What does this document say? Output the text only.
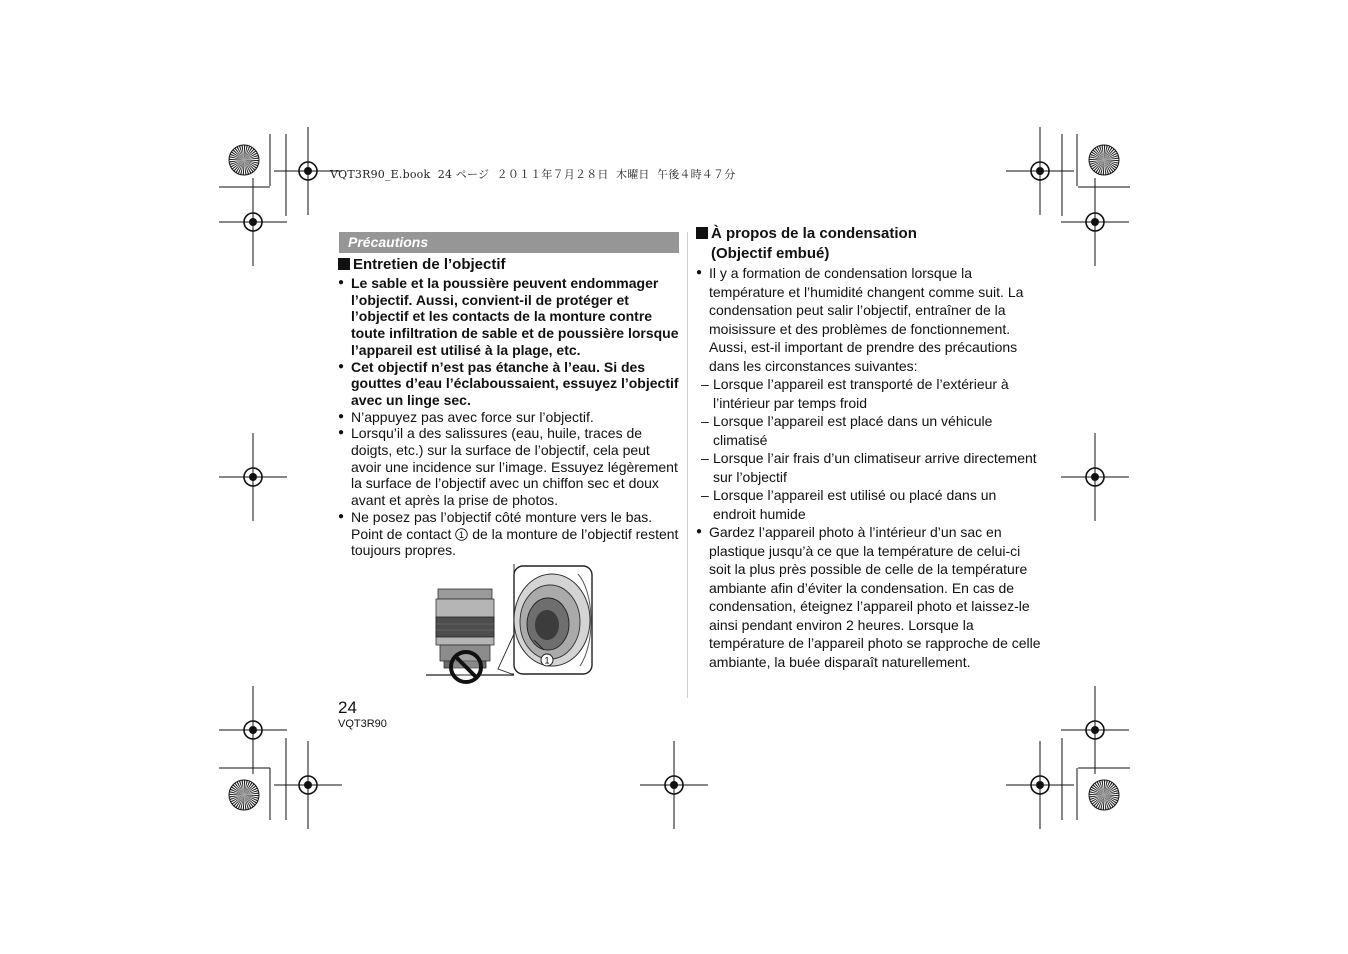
VQT3R90_E.book  24 ページ  ２０１１年７月２８日  木曜日  午後４時４７分
Précautions
Entretien de l’objectif
● Le sable et la poussière peuvent endommager l’objectif. Aussi, convient-il de protéger et l’objectif et les contacts de la monture contre toute infiltration de sable et de poussière lorsque l’appareil est utilisé à la plage, etc.
● Cet objectif n’est pas étanche à l’eau. Si des gouttes d’eau l’éclaboussaient, essuyez l’objectif avec un linge sec.
● N’appuyez pas avec force sur l’objectif.
● Lorsqu’il a des salissures (eau, huile, traces de doigts, etc.) sur la surface de l’objectif, cela peut avoir une incidence sur l’image. Essuyez légèrement la surface de l’objectif avec un chiffon sec et doux avant et après la prise de photos.
● Ne posez pas l’objectif côté monture vers le bas. Point de contact 1 de la monture de l’objectif restent toujours propres.
1
À propos de la condensation
(Objectif embué)
● Il y a formation de condensation lorsque la température et l’humidité changent comme suit. La condensation peut salir l’objectif, entraîner de la moisissure et des problèmes de fonctionnement. Aussi, est-il important de prendre des précautions dans les circonstances suivantes:
– Lorsque l’appareil est transporté de l’extérieur à l’intérieur par temps froid
– Lorsque l’appareil est placé dans un véhicule climatisé
– Lorsque l’air frais d’un climatiseur arrive directement sur l’objectif
– Lorsque l’appareil est utilisé ou placé dans un endroit humide
● Gardez l’appareil photo à l’intérieur d’un sac en plastique jusqu’à ce que la température de celui-ci soit la plus près possible de celle de la température ambiante afin d’éviter la condensation. En cas de condensation, éteignez l’appareil photo et laissez-le ainsi pendant environ 2 heures. Lorsque la température de l’appareil photo se rapproche de celle ambiante, la buée disparaît naturellement.
24
VQT3R90
